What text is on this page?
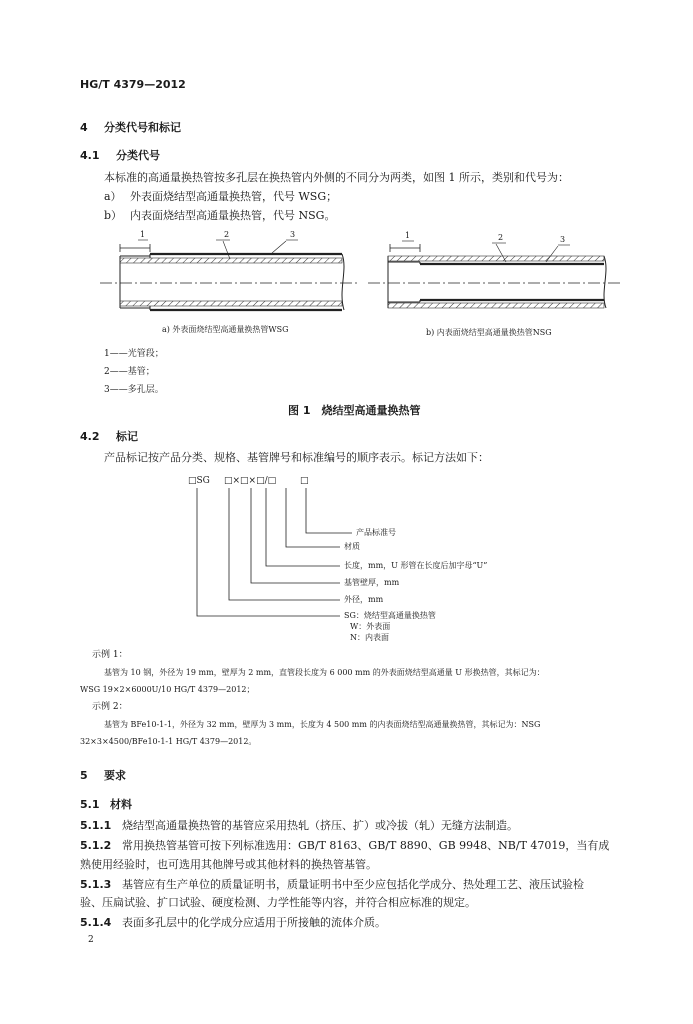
HG/T 4379—2012
4 分类代号和标记
4.1 分类代号
本标准的高通量换热管按多孔层在换热管内外侧的不同分为两类，如图 1 所示，类别和代号为：
a） 外表面烧结型高通量换热管，代号 WSG；
b） 内表面烧结型高通量换热管，代号 NSG。
1	2	3	1	2	3
a) 外表面烧结型高通量换热管WSG	b) 内表面烧结型高通量换热管NSG
1——光管段；
2——基管；
3——多孔层。
图 1　烧结型高通量换热管
4.2 标记
产品标记按产品分类、规格、基管牌号和标准编号的顺序表示。标记方法如下：
□SG □×□×□/□	□
产品标准号
材质
长度，mm，U 形管在长度后加字母“U”
基管壁厚，mm
外径，mm
SG：烧结型高通量换热管
W：外表面
N：内表面
示例 1：
基管为 10 钢，外径为 19 mm，壁厚为 2 mm，直管段长度为 6 000 mm 的外表面烧结型高通量 U 形换热管，其标记为：
WSG 19×2×6000U/10 HG/T 4379—2012；
示例 2：
基管为 BFe10-1-1，外径为 32 mm，壁厚为 3 mm，长度为 4 500 mm 的内表面烧结型高通量换热管，其标记为：NSG
32×3×4500/BFe10-1-1 HG/T 4379—2012。
5 要求
5.1 材料
5.1.1 烧结型高通量换热管的基管应采用热轧（挤压、扩）或冷拔（轧）无缝方法制造。
5.1.2 常用换热管基管可按下列标准选用：GB/T 8163、GB/T 8890、GB 9948、NB/T 47019，当有成
熟使用经验时，也可选用其他牌号或其他材料的换热管基管。
5.1.3 基管应有生产单位的质量证明书，质量证明书中至少应包括化学成分、热处理工艺、液压试验检
验、压扁试验、扩口试验、硬度检测、力学性能等内容，并符合相应标准的规定。
5.1.4 表面多孔层中的化学成分应适用于所接触的流体介质。
2
